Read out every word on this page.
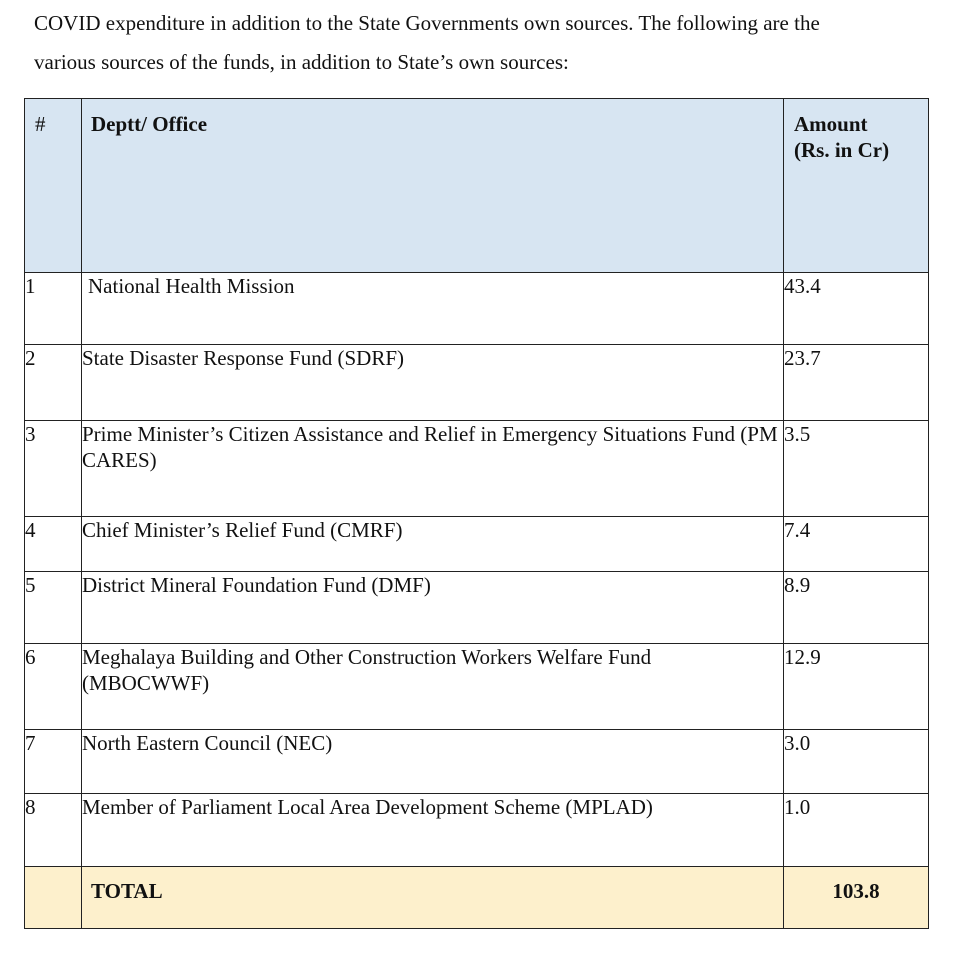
COVID expenditure in addition to the State Governments own sources. The following are the

various sources of the funds, in addition to State’s own sources:

#	Deptt/ Office	Amount
(Rs. in Cr)

1	National Health Mission	43.4
2	State Disaster Response Fund (SDRF)	23.7
3	Prime Minister’s Citizen Assistance and Relief in Emergency Situations Fund (PM CARES)	3.5
4	Chief Minister’s Relief Fund (CMRF)	7.4
5	District Mineral Foundation Fund (DMF)	8.9
6	Meghalaya Building and Other Construction Workers Welfare Fund (MBOCWWF)	12.9
7	North Eastern Council (NEC)	3.0
8	Member of Parliament Local Area Development Scheme (MPLAD)	1.0
	TOTAL	103.8
